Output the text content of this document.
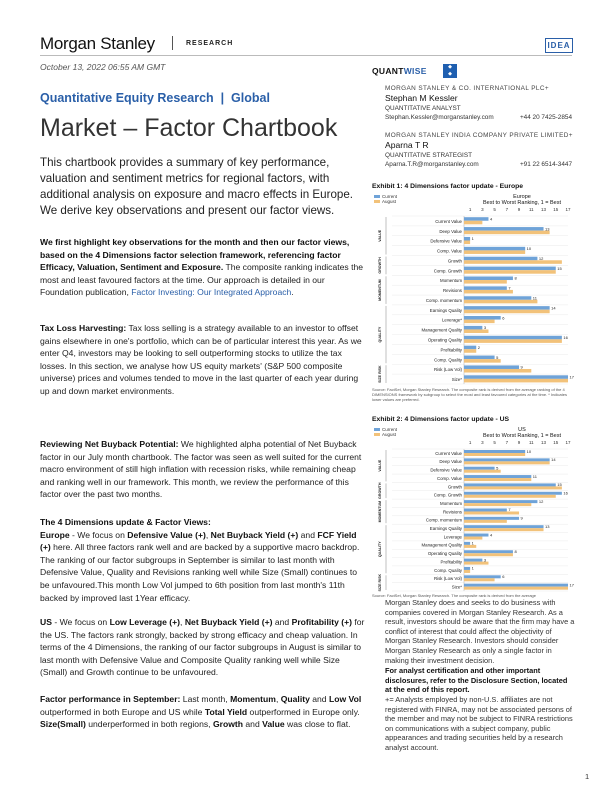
Morgan Stanley	RESEARCH	IDEA
October 13, 2022 06:55 AM GMT
Quantitative Equity Research  |  Global
Market – Factor Chartbook
This chartbook provides a summary of key performance, valuation and sentiment metrics for regional factors, with additional analysis on exposure and macro effects in Europe. We derive key observations and present our factor views.
We first highlight key observations for the month and then our factor views, based on the 4 Dimensions factor selection framework, referencing factor Efficacy, Valuation, Sentiment and Exposure. The composite ranking indicates the most and least favoured factors at the time. Our approach is detailed in our Foundation publication, Factor Investing: Our Integrated Approach.
Tax Loss Harvesting: Tax loss selling is a strategy available to an investor to offset gains elsewhere in one's portfolio, which can be of particular interest this year. As we enter Q4, investors may be looking to sell outperforming stocks to utilize the tax losses. In this section, we analyse how US equity markets' (S&P 500 composite universe) prices and volumes tended to move in the last quarter of each year during up and down market environments.
Reviewing Net Buyback Potential: We highlighted alpha potential of Net Buyback factor in our July month chartbook. The factor was seen as well suited for the current macro environment of still high inflation with recession risks, while remaining cheap and ranking well in our framework. This month, we review the performance of this factor over the past two months.
The 4 Dimensions update & Factor Views:
Europe - We focus on Defensive Value (+), Net Buyback Yield (+) and FCF Yield (+) here. All three factors rank well and are backed by a supportive macro backdrop. The ranking of our factor subgroups in September is similar to last month with Defensive Value, Quality and Revisions ranking well while Size (Small) continues to be unfavoured.This month Low Vol jumped to 6th position from last month's 11th backed by improved last 1Year efficacy.
US - We focus on Low Leverage (+), Net Buyback Yield (+) and Profitability (+) for the US. The factors rank strongly, backed by strong efficacy and cheap valuation. In terms of the 4 Dimensions, the ranking of our factor subgroups in August is similar to last month with Defensive Value and Composite Quality ranking well while Size (Small) and Growth continue to be unfavoured.
Factor performance in September: Last month, Momentum, Quality and Low Vol outperformed in both Europe and US while Total Yield outperformed in Europe only. Size(Small) underperformed in both regions, Growth and Value was close to flat.
QUANTWISE	◆
◆
MORGAN STANLEY & CO. INTERNATIONAL PLC+
Stephan M Kessler
QUANTITATIVE ANALYST
Stephan.Kessler@morganstanley.com	+44 20 7425-2854
MORGAN STANLEY INDIA COMPANY PRIVATE LIMITED+
Aparna T R
QUANTITATIVE STRATEGIST
Aparna.T.R@morganstanley.com	+91 22 6514-3447
Exhibit 1: 4 Dimensions factor update - Europe
Europe
Best to Worst Ranking, 1 = Best
Current
August
1 3 5 7 9 11 13 15 17
VALUE
GROWTH
MOMENTUM
QUALITY
SIZE RISK
Current Value	4
Deep Value	13
Defensive Value 1
Comp. Value	10
Growth	12
Comp. Growth	15
Momentum	8
Revisions	7
Comp. momentum	11
Earnings Quality	14
Leverage*	6
Management Quality	3
Operating Quality	16
Profitability	2
Comp. Quality	5
Risk (Low Vol)	9
Size*	17
Source: FactSet, Morgan Stanley Research. The composite rank is derived from the average ranking of the 4 DIMENSIONS framework by subgroup to select the most and least favoured categories at the time. * Indicates lower values are preferred.
Exhibit 2: 4 Dimensions factor update - US
US
Best to Worst Ranking, 1 = Best
Current
August
1 3 5 7 9 11 13 15 17
VALUE
GROWTH
MOMENTUM
QUALITY
SIZE RISK
Current Value	10
Deep Value	14
Defensive Value	5
Comp. Value	11
Growth	15
Comp. Growth	16
Momentum	12
Revisions	7
Comp. momentum	9
Earnings Quality	13
Leverage	4
Management Quality 1
Operating Quality	8
Profitability	3
Comp. Quality 1
Risk (Low Vol)	6
Size*	17
Source: FactSet, Morgan Stanley Research. The composite rank is derived from the average
Morgan Stanley does and seeks to do business with companies covered in Morgan Stanley Research. As a result, investors should be aware that the firm may have a conflict of interest that could affect the objectivity of Morgan Stanley Research. Investors should consider Morgan Stanley Research as only a single factor in making their investment decision.
For analyst certification and other important disclosures, refer to the Disclosure Section, located at the end of this report.
+= Analysts employed by non-U.S. affiliates are not registered with FINRA, may not be associated persons of the member and may not be subject to FINRA restrictions on communications with a subject company, public appearances and trading securities held by a research analyst account.
1
